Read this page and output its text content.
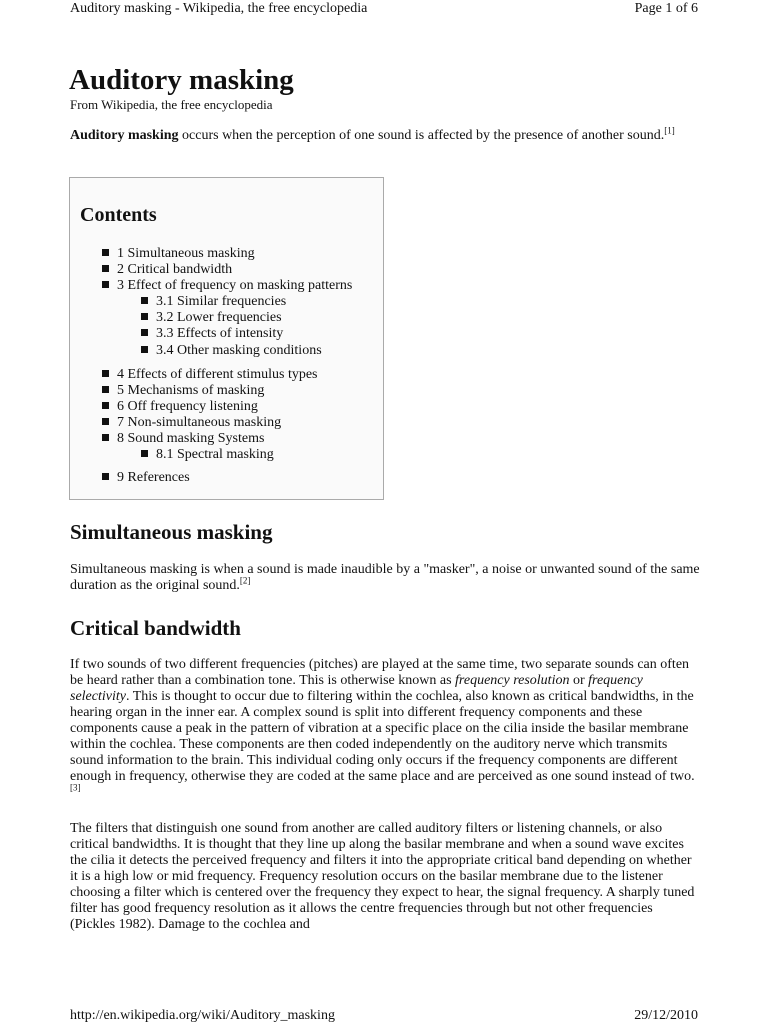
Auditory masking - Wikipedia, the free encyclopedia	Page 1 of 6
Auditory masking
From Wikipedia, the free encyclopedia

Auditory masking occurs when the perception of one sound is affected by the presence of another sound.[1]

Contents
1 Simultaneous masking
2 Critical bandwidth
3 Effect of frequency on masking patterns
3.1 Similar frequencies
3.2 Lower frequencies
3.3 Effects of intensity
3.4 Other masking conditions
4 Effects of different stimulus types
5 Mechanisms of masking
6 Off frequency listening
7 Non-simultaneous masking
8 Sound masking Systems
8.1 Spectral masking
9 References
Simultaneous masking

Simultaneous masking is when a sound is made inaudible by a "masker", a noise or unwanted sound of the same duration as the original sound.[2]

Critical bandwidth

If two sounds of two different frequencies (pitches) are played at the same time, two separate sounds can often be heard rather than a combination tone. This is otherwise known as frequency resolution or frequency selectivity. This is thought to occur due to filtering within the cochlea, also known as critical bandwidths, in the hearing organ in the inner ear. A complex sound is split into different frequency components and these components cause a peak in the pattern of vibration at a specific place on the cilia inside the basilar membrane within the cochlea. These components are then coded independently on the auditory nerve which transmits sound information to the brain. This individual coding only occurs if the frequency components are different enough in frequency, otherwise they are coded at the same place and are perceived as one sound instead of two.[3]

The filters that distinguish one sound from another are called auditory filters or listening channels, or also critical bandwidths. It is thought that they line up along the basilar membrane and when a sound wave excites the cilia it detects the perceived frequency and filters it into the appropriate critical band depending on whether it is a high low or mid frequency. Frequency resolution occurs on the basilar membrane due to the listener choosing a filter which is centered over the frequency they expect to hear, the signal frequency. A sharply tuned filter has good frequency resolution as it allows the centre frequencies through but not other frequencies (Pickles 1982). Damage to the cochlea and

http://en.wikipedia.org/wiki/Auditory_masking	29/12/2010
